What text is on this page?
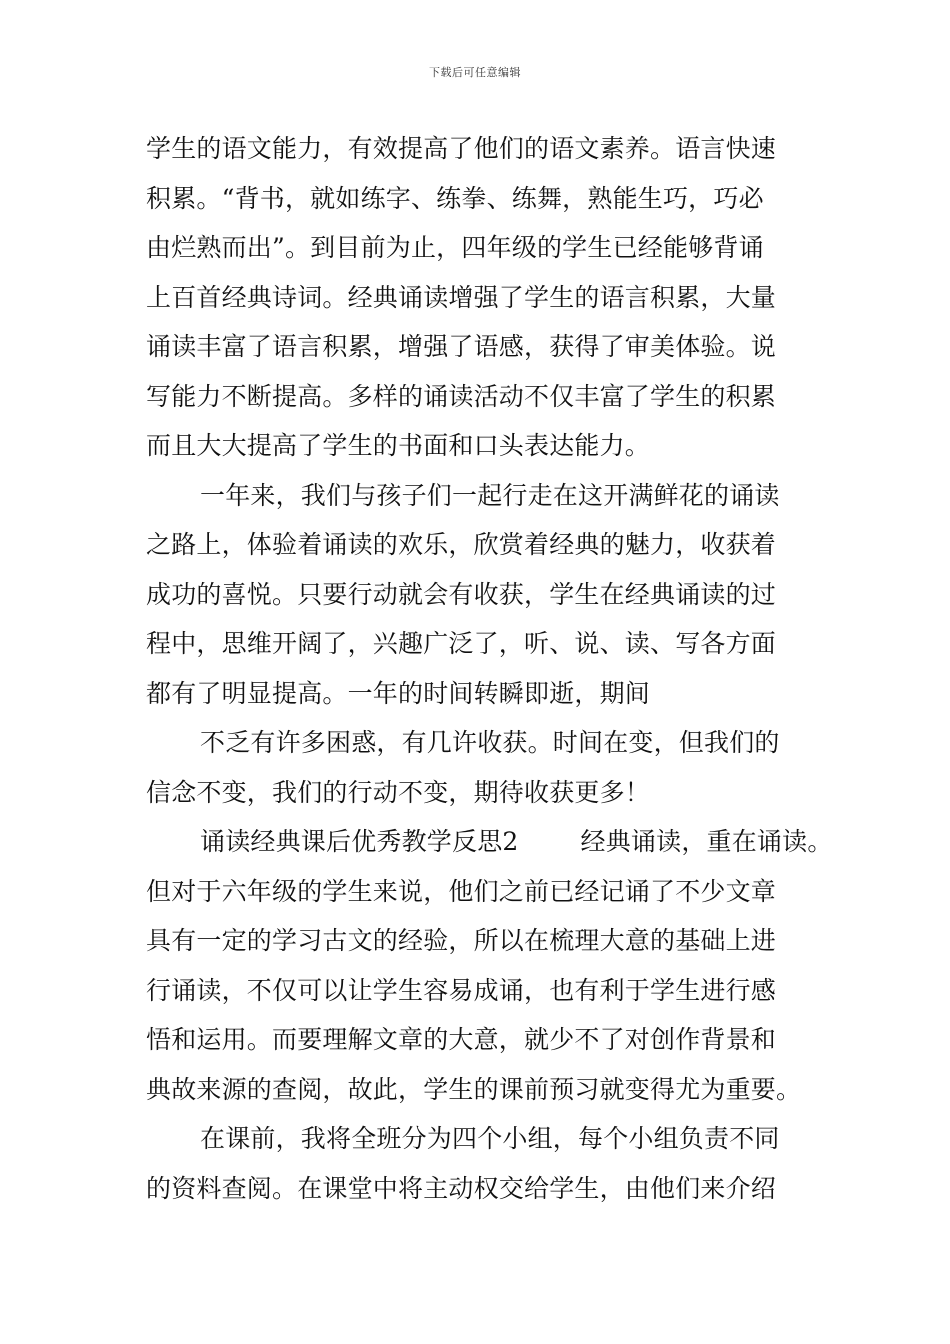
下载后可任意编辑
学生的语文能力，有效提高了他们的语文素养。语言快速
积累。“背书，就如练字、练拳、练舞，熟能生巧，巧必
由烂熟而出”。到目前为止，四年级的学生已经能够背诵
上百首经典诗词。经典诵读增强了学生的语言积累，大量
诵读丰富了语言积累，增强了语感，获得了审美体验。说
写能力不断提高。多样的诵读活动不仅丰富了学生的积累
而且大大提高了学生的书面和口头表达能力。
一年来，我们与孩子们一起行走在这开满鲜花的诵读
之路上，体验着诵读的欢乐，欣赏着经典的魅力，收获着
成功的喜悦。只要行动就会有收获，学生在经典诵读的过
程中，思维开阔了，兴趣广泛了，听、说、读、写各方面
都有了明显提高。一年的时间转瞬即逝，期间
不乏有许多困惑，有几许收获。时间在变，但我们的
信念不变，我们的行动不变，期待收获更多！
诵读经典课后优秀教学反思2 经典诵读，重在诵读。
但对于六年级的学生来说，他们之前已经记诵了不少文章
具有一定的学习古文的经验，所以在梳理大意的基础上进
行诵读，不仅可以让学生容易成诵，也有利于学生进行感
悟和运用。而要理解文章的大意，就少不了对创作背景和
典故来源的查阅，故此，学生的课前预习就变得尤为重要。
在课前，我将全班分为四个小组，每个小组负责不同
的资料查阅。在课堂中将主动权交给学生，由他们来介绍
